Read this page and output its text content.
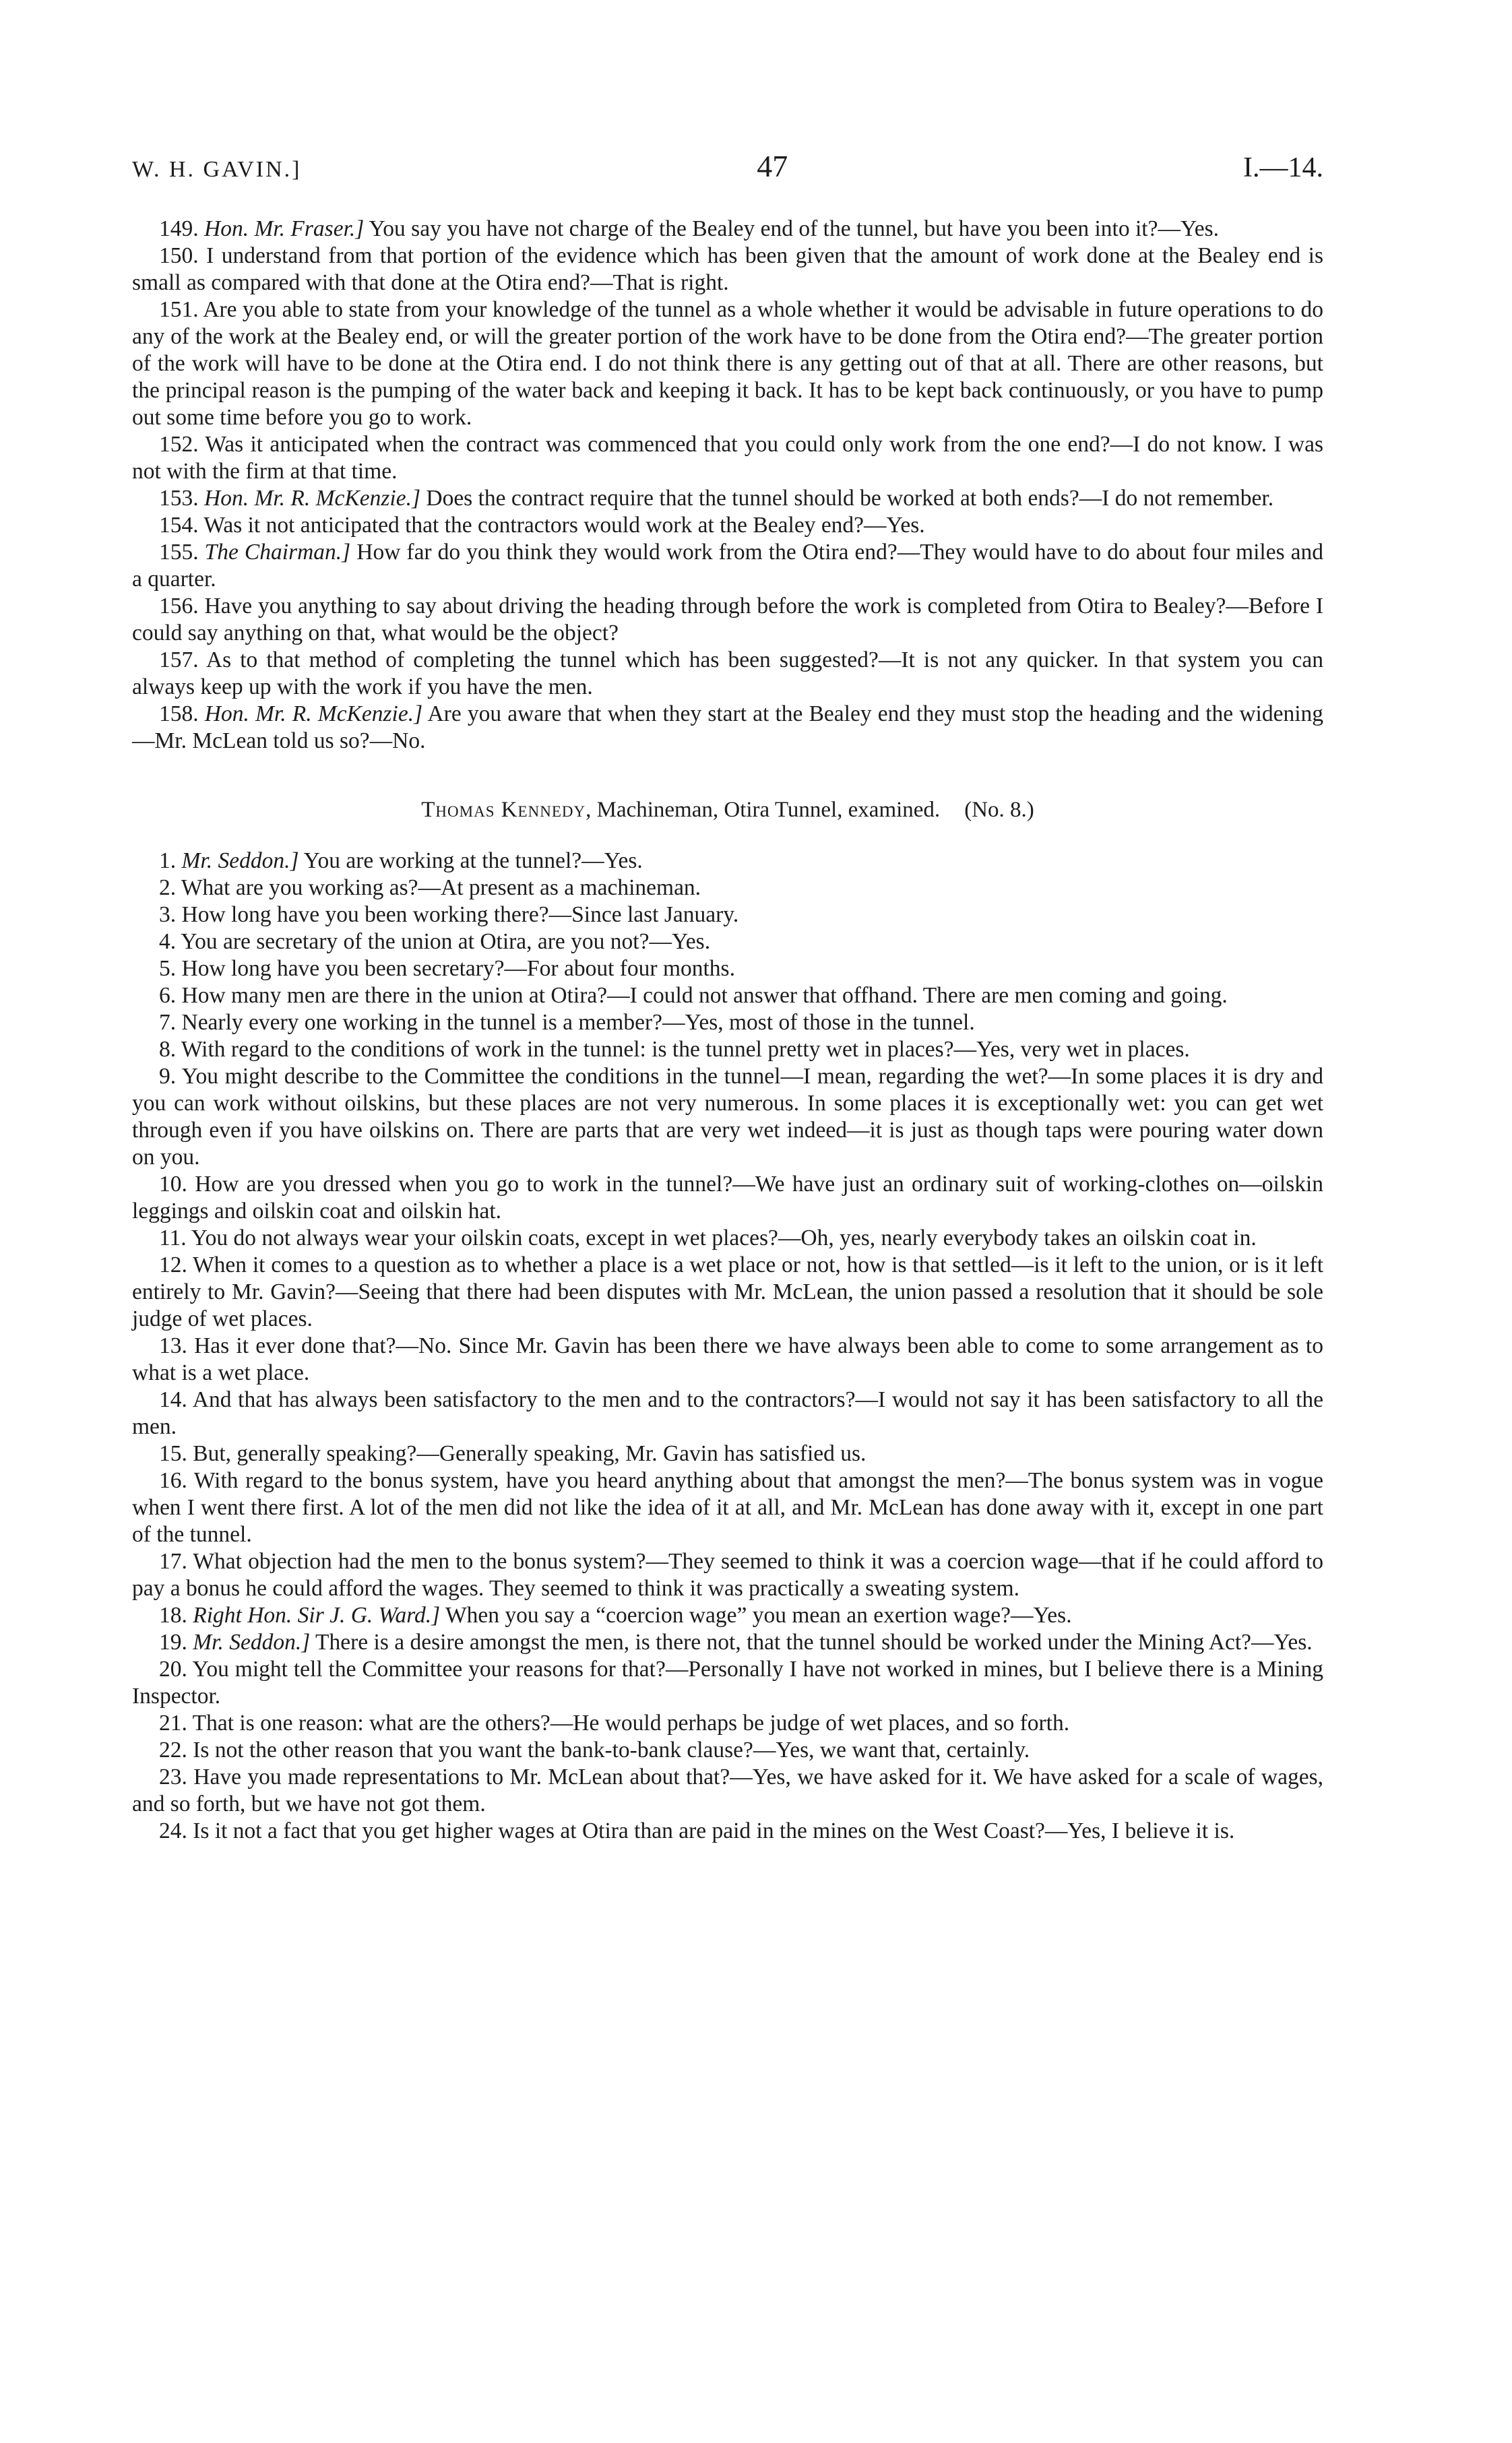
W. H. GAVIN.]	47	I.—14.

149. Hon. Mr. Fraser.] You say you have not charge of the Bealey end of the tunnel, but have you been into it?—Yes.

150. I understand from that portion of the evidence which has been given that the amount of work done at the Bealey end is small as compared with that done at the Otira end?—That is right.

151. Are you able to state from your knowledge of the tunnel as a whole whether it would be advisable in future operations to do any of the work at the Bealey end, or will the greater portion of the work have to be done from the Otira end?—The greater portion of the work will have to be done at the Otira end. I do not think there is any getting out of that at all. There are other reasons, but the principal reason is the pumping of the water back and keeping it back. It has to be kept back continuously, or you have to pump out some time before you go to work.

152. Was it anticipated when the contract was commenced that you could only work from the one end?—I do not know. I was not with the firm at that time.

153. Hon. Mr. R. McKenzie.] Does the contract require that the tunnel should be worked at both ends?—I do not remember.

154. Was it not anticipated that the contractors would work at the Bealey end?—Yes.

155. The Chairman.] How far do you think they would work from the Otira end?—They would have to do about four miles and a quarter.

156. Have you anything to say about driving the heading through before the work is completed from Otira to Bealey?—Before I could say anything on that, what would be the object?

157. As to that method of completing the tunnel which has been suggested?—It is not any quicker. In that system you can always keep up with the work if you have the men.

158. Hon. Mr. R. McKenzie.] Are you aware that when they start at the Bealey end they must stop the heading and the widening—Mr. McLean told us so?—No.

Thomas Kennedy, Machineman, Otira Tunnel, examined. (No. 8.)

1. Mr. Seddon.] You are working at the tunnel?—Yes.

2. What are you working as?—At present as a machineman.

3. How long have you been working there?—Since last January.

4. You are secretary of the union at Otira, are you not?—Yes.

5. How long have you been secretary?—For about four months.

6. How many men are there in the union at Otira?—I could not answer that offhand. There are men coming and going.

7. Nearly every one working in the tunnel is a member?—Yes, most of those in the tunnel.

8. With regard to the conditions of work in the tunnel: is the tunnel pretty wet in places?—Yes, very wet in places.

9. You might describe to the Committee the conditions in the tunnel—I mean, regarding the wet?—In some places it is dry and you can work without oilskins, but these places are not very numerous. In some places it is exceptionally wet: you can get wet through even if you have oilskins on. There are parts that are very wet indeed—it is just as though taps were pouring water down on you.

10. How are you dressed when you go to work in the tunnel?—We have just an ordinary suit of working-clothes on—oilskin leggings and oilskin coat and oilskin hat.

11. You do not always wear your oilskin coats, except in wet places?—Oh, yes, nearly everybody takes an oilskin coat in.

12. When it comes to a question as to whether a place is a wet place or not, how is that settled—is it left to the union, or is it left entirely to Mr. Gavin?—Seeing that there had been disputes with Mr. McLean, the union passed a resolution that it should be sole judge of wet places.

13. Has it ever done that?—No. Since Mr. Gavin has been there we have always been able to come to some arrangement as to what is a wet place.

14. And that has always been satisfactory to the men and to the contractors?—I would not say it has been satisfactory to all the men.

15. But, generally speaking?—Generally speaking, Mr. Gavin has satisfied us.

16. With regard to the bonus system, have you heard anything about that amongst the men?—The bonus system was in vogue when I went there first. A lot of the men did not like the idea of it at all, and Mr. McLean has done away with it, except in one part of the tunnel.

17. What objection had the men to the bonus system?—They seemed to think it was a coercion wage—that if he could afford to pay a bonus he could afford the wages. They seemed to think it was practically a sweating system.

18. Right Hon. Sir J. G. Ward.] When you say a “coercion wage” you mean an exertion wage?—Yes.

19. Mr. Seddon.] There is a desire amongst the men, is there not, that the tunnel should be worked under the Mining Act?—Yes.

20. You might tell the Committee your reasons for that?—Personally I have not worked in mines, but I believe there is a Mining Inspector.

21. That is one reason: what are the others?—He would perhaps be judge of wet places, and so forth.

22. Is not the other reason that you want the bank-to-bank clause?—Yes, we want that, certainly.

23. Have you made representations to Mr. McLean about that?—Yes, we have asked for it. We have asked for a scale of wages, and so forth, but we have not got them.

24. Is it not a fact that you get higher wages at Otira than are paid in the mines on the West Coast?—Yes, I believe it is.
